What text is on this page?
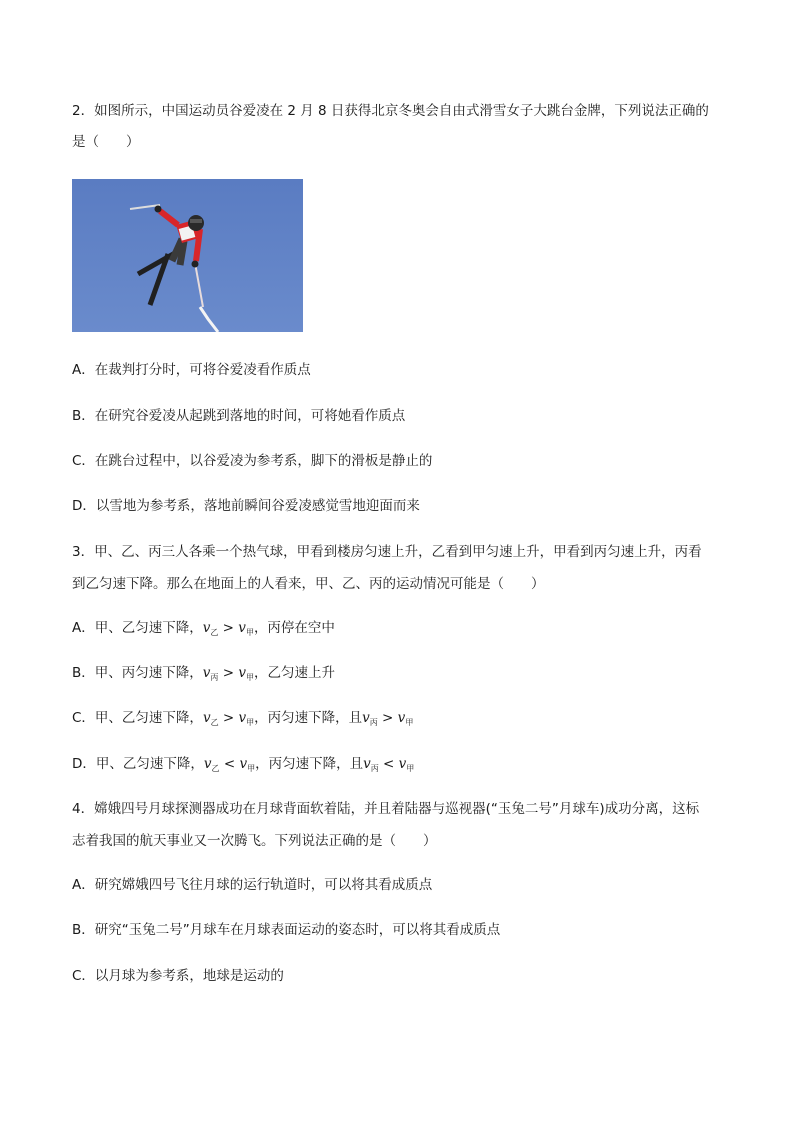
2．如图所示，中国运动员谷爱凌在 2 月 8 日获得北京冬奥会自由式滑雪女子大跳台金牌，下列说法正确的
是（　　）
A．在裁判打分时，可将谷爱凌看作质点
B．在研究谷爱凌从起跳到落地的时间，可将她看作质点
C．在跳台过程中，以谷爱凌为参考系，脚下的滑板是静止的
D．以雪地为参考系，落地前瞬间谷爱凌感觉雪地迎面而来
3．甲、乙、丙三人各乘一个热气球，甲看到楼房匀速上升，乙看到甲匀速上升，甲看到丙匀速上升，丙看
到乙匀速下降。那么在地面上的人看来，甲、乙、丙的运动情况可能是（　　）
A．甲、乙匀速下降，$v_乙 > v_甲$，丙停在空中
B．甲、丙匀速下降，$v_丙 > v_甲$，乙匀速上升
C．甲、乙匀速下降，$v_乙 > v_甲$，丙匀速下降，且$v_丙 > v_甲$
D．甲、乙匀速下降，$v_乙 < v_甲$，丙匀速下降，且$v_丙 < v_甲$
4．嫦娥四号月球探测器成功在月球背面软着陆，并且着陆器与巡视器(“玉兔二号”月球车)成功分离，这标
志着我国的航天事业又一次腾飞。下列说法正确的是（　　）
A．研究嫦娥四号飞往月球的运行轨道时，可以将其看成质点
B．研究“玉兔二号”月球车在月球表面运动的姿态时，可以将其看成质点
C．以月球为参考系，地球是运动的
